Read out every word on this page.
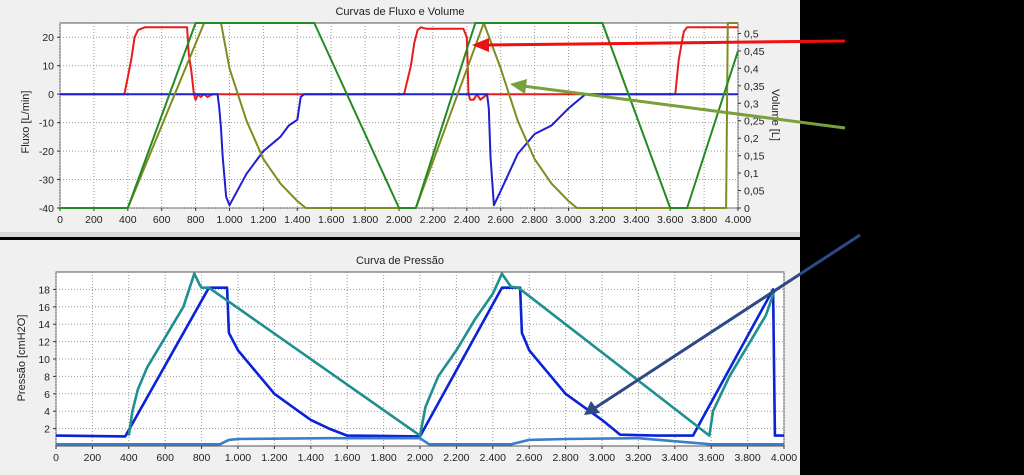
Curvas de Fluxo e Volume
0 200 400 600 800 1.000 1.200 1.400 1.600 1.800 2.000 2.200 2.400 2.600 2.800 3.000 3.200 3.400 3.600 3.800 4.000
20
10
0
-10
-20
-30
-40
0,5
0,45
0,4
0,35
0,3
0,25
0,2
0,15
0,1
0,05
0
Fluxo [L/min]	Volume [L]
Curva de Pressão
0 200 400 600 800 1.000 1.200 1.400 1.600 1.800 2.000 2.200 2.400 2.600 2.800 3.000 3.200 3.400 3.600 3.800 4.000
18
16
14
12
10
8
6
4
2
Pressão [cmH2O]
